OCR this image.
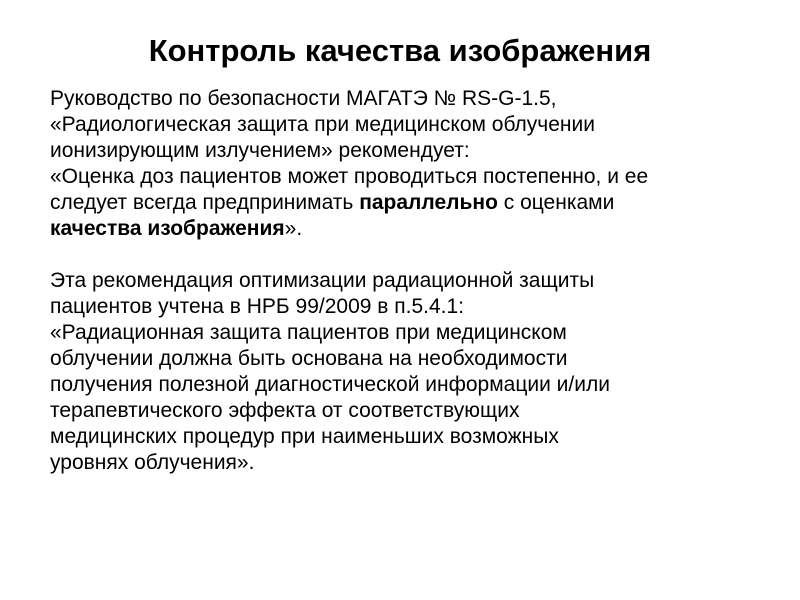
Контроль качества изображения

Руководство по безопасности МАГАТЭ № RS-G-1.5,
«Радиологическая защита при медицинском облучении
ионизирующим излучением» рекомендует:

«Оценка доз пациентов может проводиться постепенно, и ее
следует всегда предпринимать параллельно с оценками
качества изображения».

Эта рекомендация оптимизации радиационной защиты
пациентов учтена в НРБ 99/2009 в п.5.4.1:

«Радиационная защита пациентов при медицинском
облучении должна быть основана на необходимости
получения полезной диагностической информации и/или
терапевтического эффекта от соответствующих
медицинских процедур при наименьших возможных
уровнях облучения».
